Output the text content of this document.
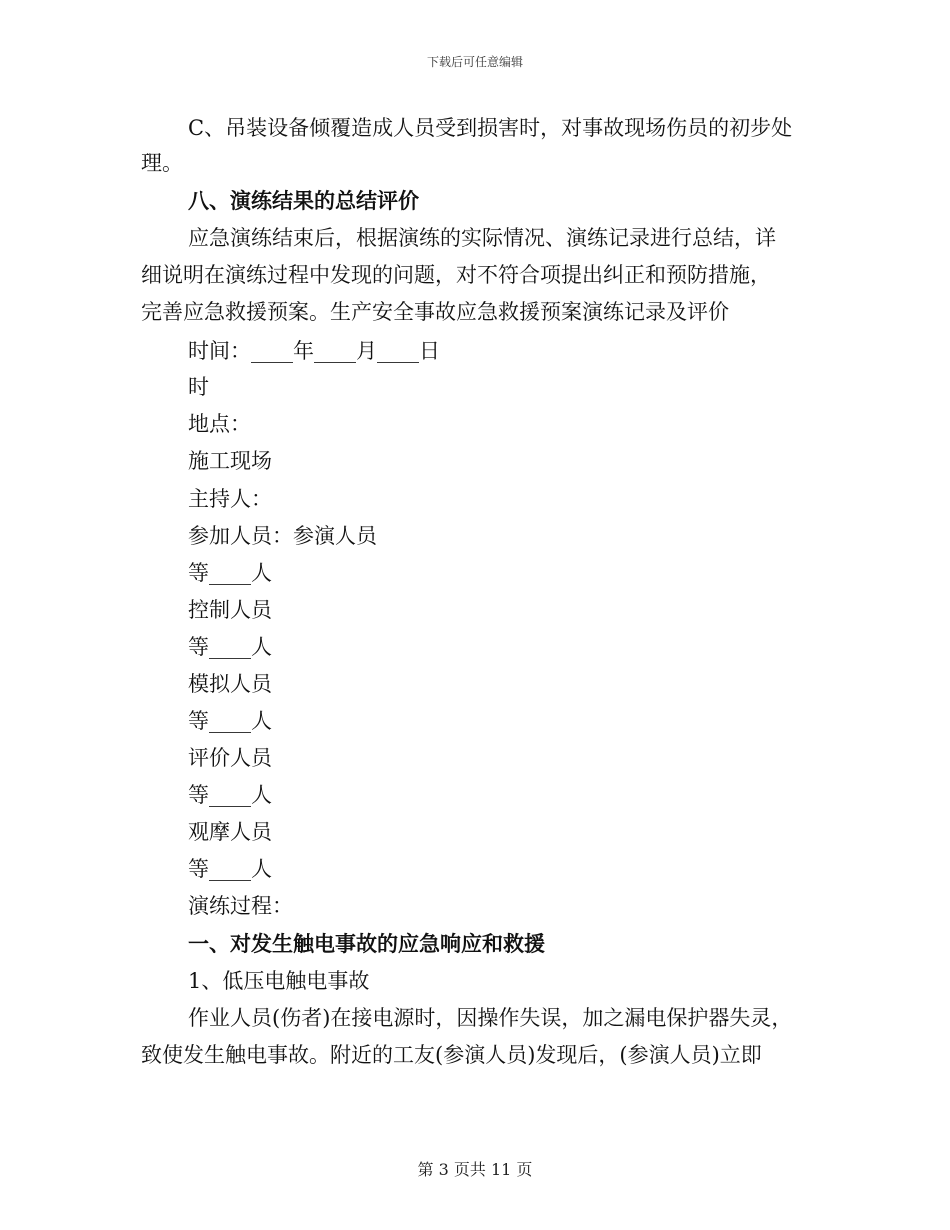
下载后可任意编辑
C、吊装设备倾覆造成人员受到损害时，对事故现场伤员的初步处
理。
八、演练结果的总结评价
应急演练结束后，根据演练的实际情况、演练记录进行总结，详
细说明在演练过程中发现的问题，对不符合项提出纠正和预防措施，
完善应急救援预案。生产安全事故应急救援预案演练记录及评价
时间：____年____月____日
时
地点：
施工现场
主持人：
参加人员：参演人员
等____人
控制人员
等____人
模拟人员
等____人
评价人员
等____人
观摩人员
等____人
演练过程：
一、对发生触电事故的应急响应和救援
1、低压电触电事故
作业人员(伤者)在接电源时，因操作失误，加之漏电保护器失灵，
致使发生触电事故。附近的工友(参演人员)发现后，(参演人员)立即
第 3 页共 11 页
